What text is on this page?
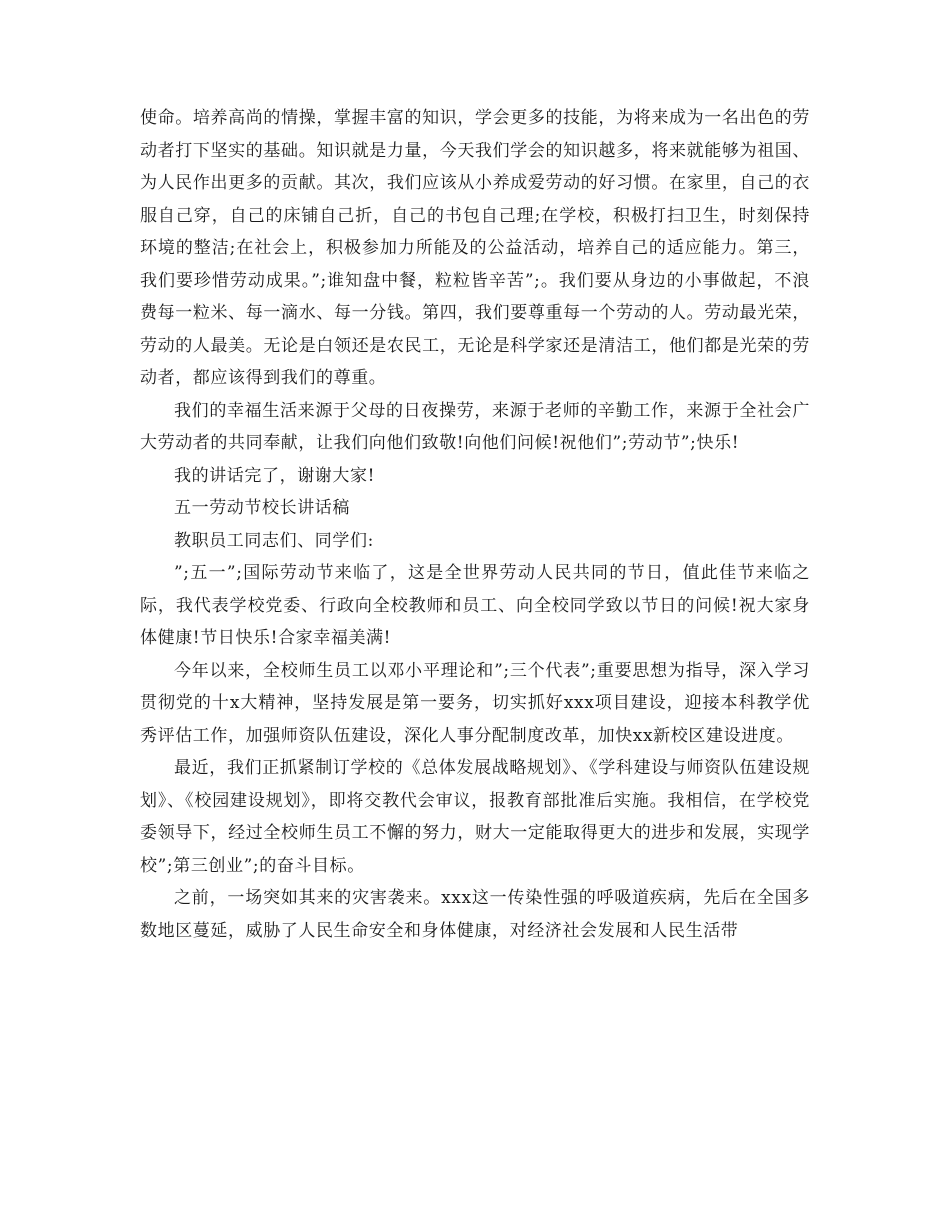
使命。培养高尚的情操，掌握丰富的知识，学会更多的技能，为将来成为一名出色的劳动者打下坚实的基础。知识就是力量，今天我们学会的知识越多，将来就能够为祖国、为人民作出更多的贡献。其次，我们应该从小养成爱劳动的好习惯。在家里，自己的衣服自己穿，自己的床铺自己折，自己的书包自己理;在学校，积极打扫卫生，时刻保持环境的整洁;在社会上，积极参加力所能及的公益活动，培养自己的适应能力。第三，我们要珍惜劳动成果。”;谁知盘中餐，粒粒皆辛苦”;。我们要从身边的小事做起，不浪费每一粒米、每一滴水、每一分钱。第四，我们要尊重每一个劳动的人。劳动最光荣，劳动的人最美。无论是白领还是农民工，无论是科学家还是清洁工，他们都是光荣的劳动者，都应该得到我们的尊重。

我们的幸福生活来源于父母的日夜操劳，来源于老师的辛勤工作，来源于全社会广大劳动者的共同奉献，让我们向他们致敬!向他们问候!祝他们”;劳动节”;快乐!

我的讲话完了，谢谢大家!

五一劳动节校长讲话稿

教职员工同志们、同学们:

”;五一”;国际劳动节来临了，这是全世界劳动人民共同的节日，值此佳节来临之际，我代表学校党委、行政向全校教师和员工、向全校同学致以节日的问候!祝大家身体健康!节日快乐!合家幸福美满!

今年以来，全校师生员工以邓小平理论和”;三个代表”;重要思想为指导，深入学习贯彻党的十x大精神，坚持发展是第一要务，切实抓好xxx项目建设，迎接本科教学优秀评估工作，加强师资队伍建设，深化人事分配制度改革，加快xx新校区建设进度。

最近，我们正抓紧制订学校的《总体发展战略规划》、《学科建设与师资队伍建设规划》、《校园建设规划》，即将交教代会审议，报教育部批准后实施。我相信，在学校党委领导下，经过全校师生员工不懈的努力，财大一定能取得更大的进步和发展，实现学校”;第三创业”;的奋斗目标。

之前，一场突如其来的灾害袭来。xxx这一传染性强的呼吸道疾病，先后在全国多数地区蔓延，威胁了人民生命安全和身体健康，对经济社会发展和人民生活带
